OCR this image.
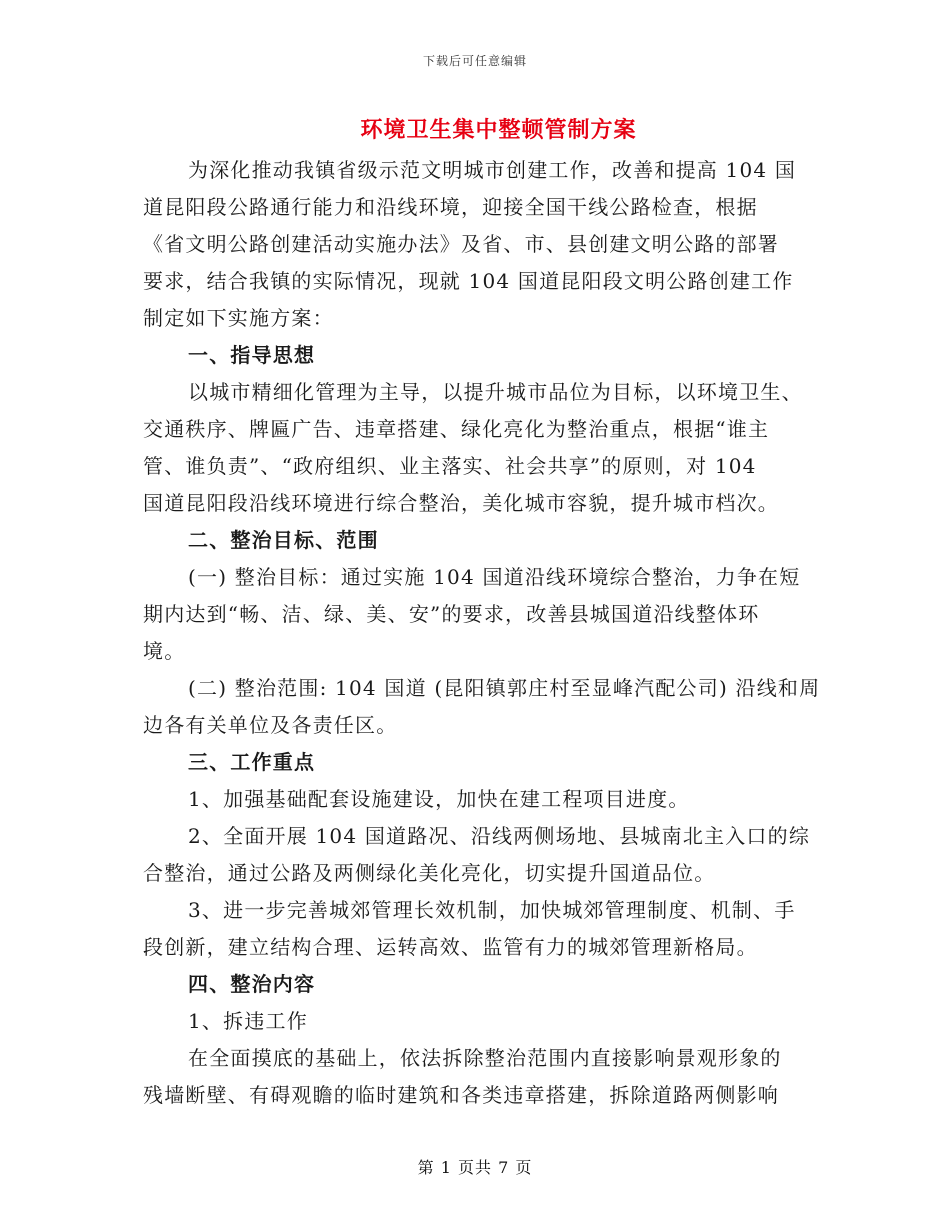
下载后可任意编辑
环境卫生集中整顿管制方案
为深化推动我镇省级示范文明城市创建工作，改善和提高 104 国
道昆阳段公路通行能力和沿线环境，迎接全国干线公路检查，根据
《省文明公路创建活动实施办法》及省、市、县创建文明公路的部署
要求，结合我镇的实际情况，现就 104 国道昆阳段文明公路创建工作
制定如下实施方案：
一、指导思想
以城市精细化管理为主导，以提升城市品位为目标，以环境卫生、
交通秩序、牌匾广告、违章搭建、绿化亮化为整治重点，根据“谁主
管、谁负责”、“政府组织、业主落实、社会共享”的原则，对 104
国道昆阳段沿线环境进行综合整治，美化城市容貌，提升城市档次。
二、整治目标、范围
(一) 整治目标：通过实施 104 国道沿线环境综合整治，力争在短
期内达到“畅、洁、绿、美、安”的要求，改善县城国道沿线整体环
境。
(二) 整治范围: 104 国道 (昆阳镇郭庄村至显峰汽配公司) 沿线和周
边各有关单位及各责任区。
三、工作重点
1、加强基础配套设施建设，加快在建工程项目进度。
2、全面开展 104 国道路况、沿线两侧场地、县城南北主入口的综
合整治，通过公路及两侧绿化美化亮化，切实提升国道品位。
3、进一步完善城郊管理长效机制，加快城郊管理制度、机制、手
段创新，建立结构合理、运转高效、监管有力的城郊管理新格局。
四、整治内容
1、拆违工作
在全面摸底的基础上，依法拆除整治范围内直接影响景观形象的
残墙断壁、有碍观瞻的临时建筑和各类违章搭建，拆除道路两侧影响
第 1 页共 7 页
